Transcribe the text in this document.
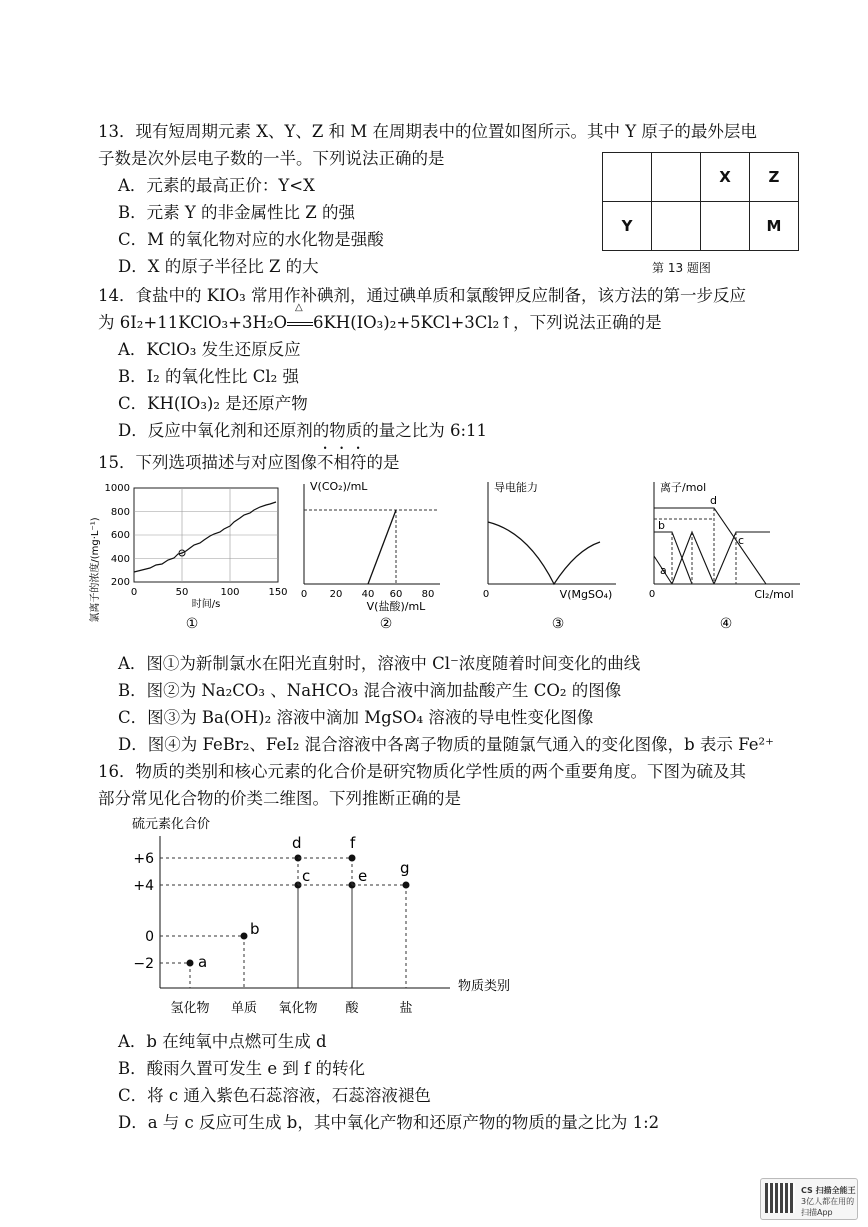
13．现有短周期元素 X、Y、Z 和 M 在周期表中的位置如图所示。其中 Y 原子的最外层电
子数是次外层电子数的一半。下列说法正确的是
A．元素的最高正价：Y<X
B．元素 Y 的非金属性比 Z 的强
C．M 的氧化物对应的水化物是强酸
D．X 的原子半径比 Z 的大
		X	Z
Y			M
第 13 题图
14．食盐中的 KIO₃ 常用作补碘剂，通过碘单质和氯酸钾反应制备，该方法的第一步反应
为 6I₂+11KClO₃+3H₂O
△
6KH(IO₃)₂+5KCl+3Cl₂↑，下列说法正确的是
A．KClO₃ 发生还原反应
B．I₂ 的氧化性比 Cl₂ 强
C．KH(IO₃)₂ 是还原产物
D．反应中氧化剂和还原剂的物质的量之比为 6:11
15．下列选项描述与对应图像不相符的是
氯离子的浓度/(mg·L⁻¹) 200
400
600
800
1000
0	50	100	150
时间/s
①
V(CO₂)/mL
0 20 40 60 80
V(盐酸)/mL
②
导电能力
0	V(MgSO₄)
③
离子/mol
a
b
c
d
0	Cl₂/mol
④
A．图①为新制氯水在阳光直射时，溶液中 Cl⁻浓度随着时间变化的曲线
B．图②为 Na₂CO₃ 、NaHCO₃ 混合液中滴加盐酸产生 CO₂ 的图像
C．图③为 Ba(OH)₂ 溶液中滴加 MgSO₄ 溶液的导电性变化图像
D．图④为 FeBr₂、FeI₂ 混合溶液中各离子物质的量随氯气通入的变化图像，b 表示 Fe²⁺
16．物质的类别和核心元素的化合价是研究物质化学性质的两个重要角度。下图为硫及其
部分常见化合物的价类二维图。下列推断正确的是
硫元素化合价
物质类别
+6
+4
0
−2
氢化物 单质 氧化物 酸	盐
a
b
c
d
e
f
g
A．b 在纯氧中点燃可生成 d
B．酸雨久置可发生 e 到 f 的转化
C．将 c 通入紫色石蕊溶液，石蕊溶液褪色
D．a 与 c 反应可生成 b，其中氧化产物和还原产物的物质的量之比为 1:2
CS 扫描全能王
3亿人都在用的扫描App
